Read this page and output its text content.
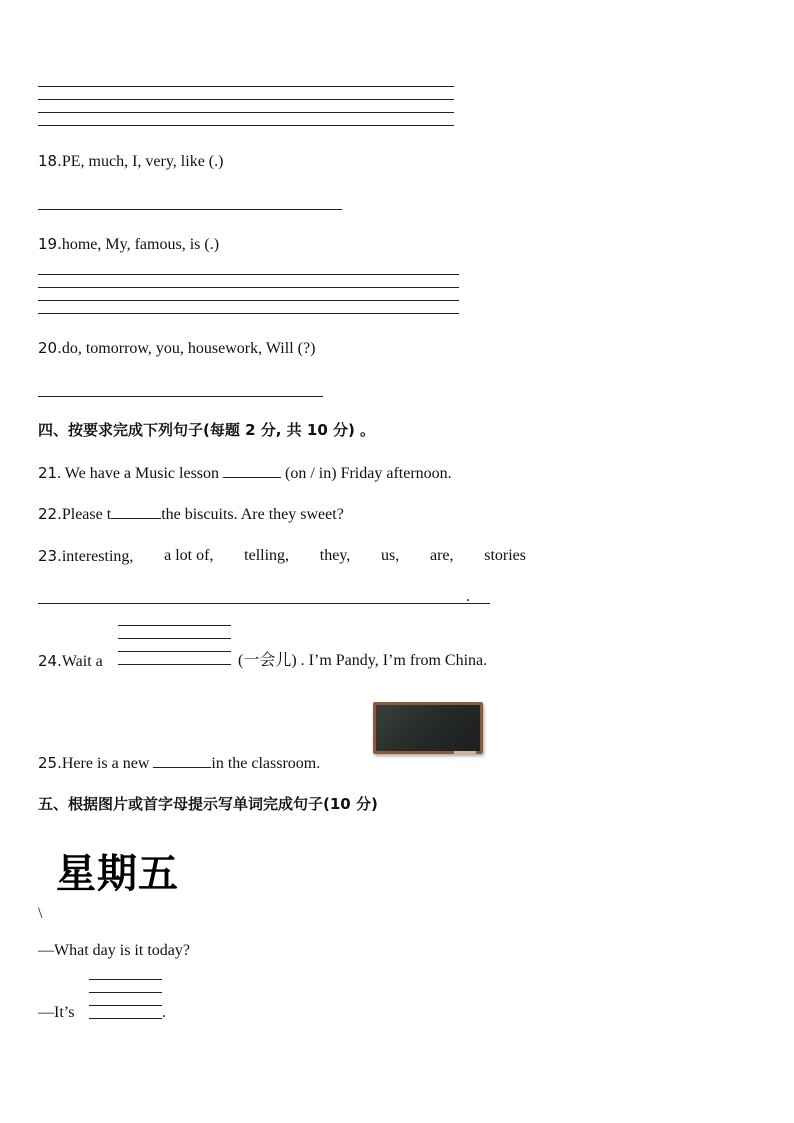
18.PE, much, I, very, like (.)
19.home, My, famous, is (.)
20.do, tomorrow, you, housework, Will (?)
四、按要求完成下列句子(每题 2 分, 共 10 分) 。
21. We have a Music lesson	(on / in) Friday afternoon.
22.Please t	the biscuits. Are they sweet?
23.interesting, a lot of, telling, they, us, are, stories
.
24.Wait a	(一会儿) . I’m Pandy, I’m from China.
25.Here is a new	in the classroom.
五、根据图片或首字母提示写单词完成句子(10 分)
星期五
\
—What day is it today?
—It’s	.
